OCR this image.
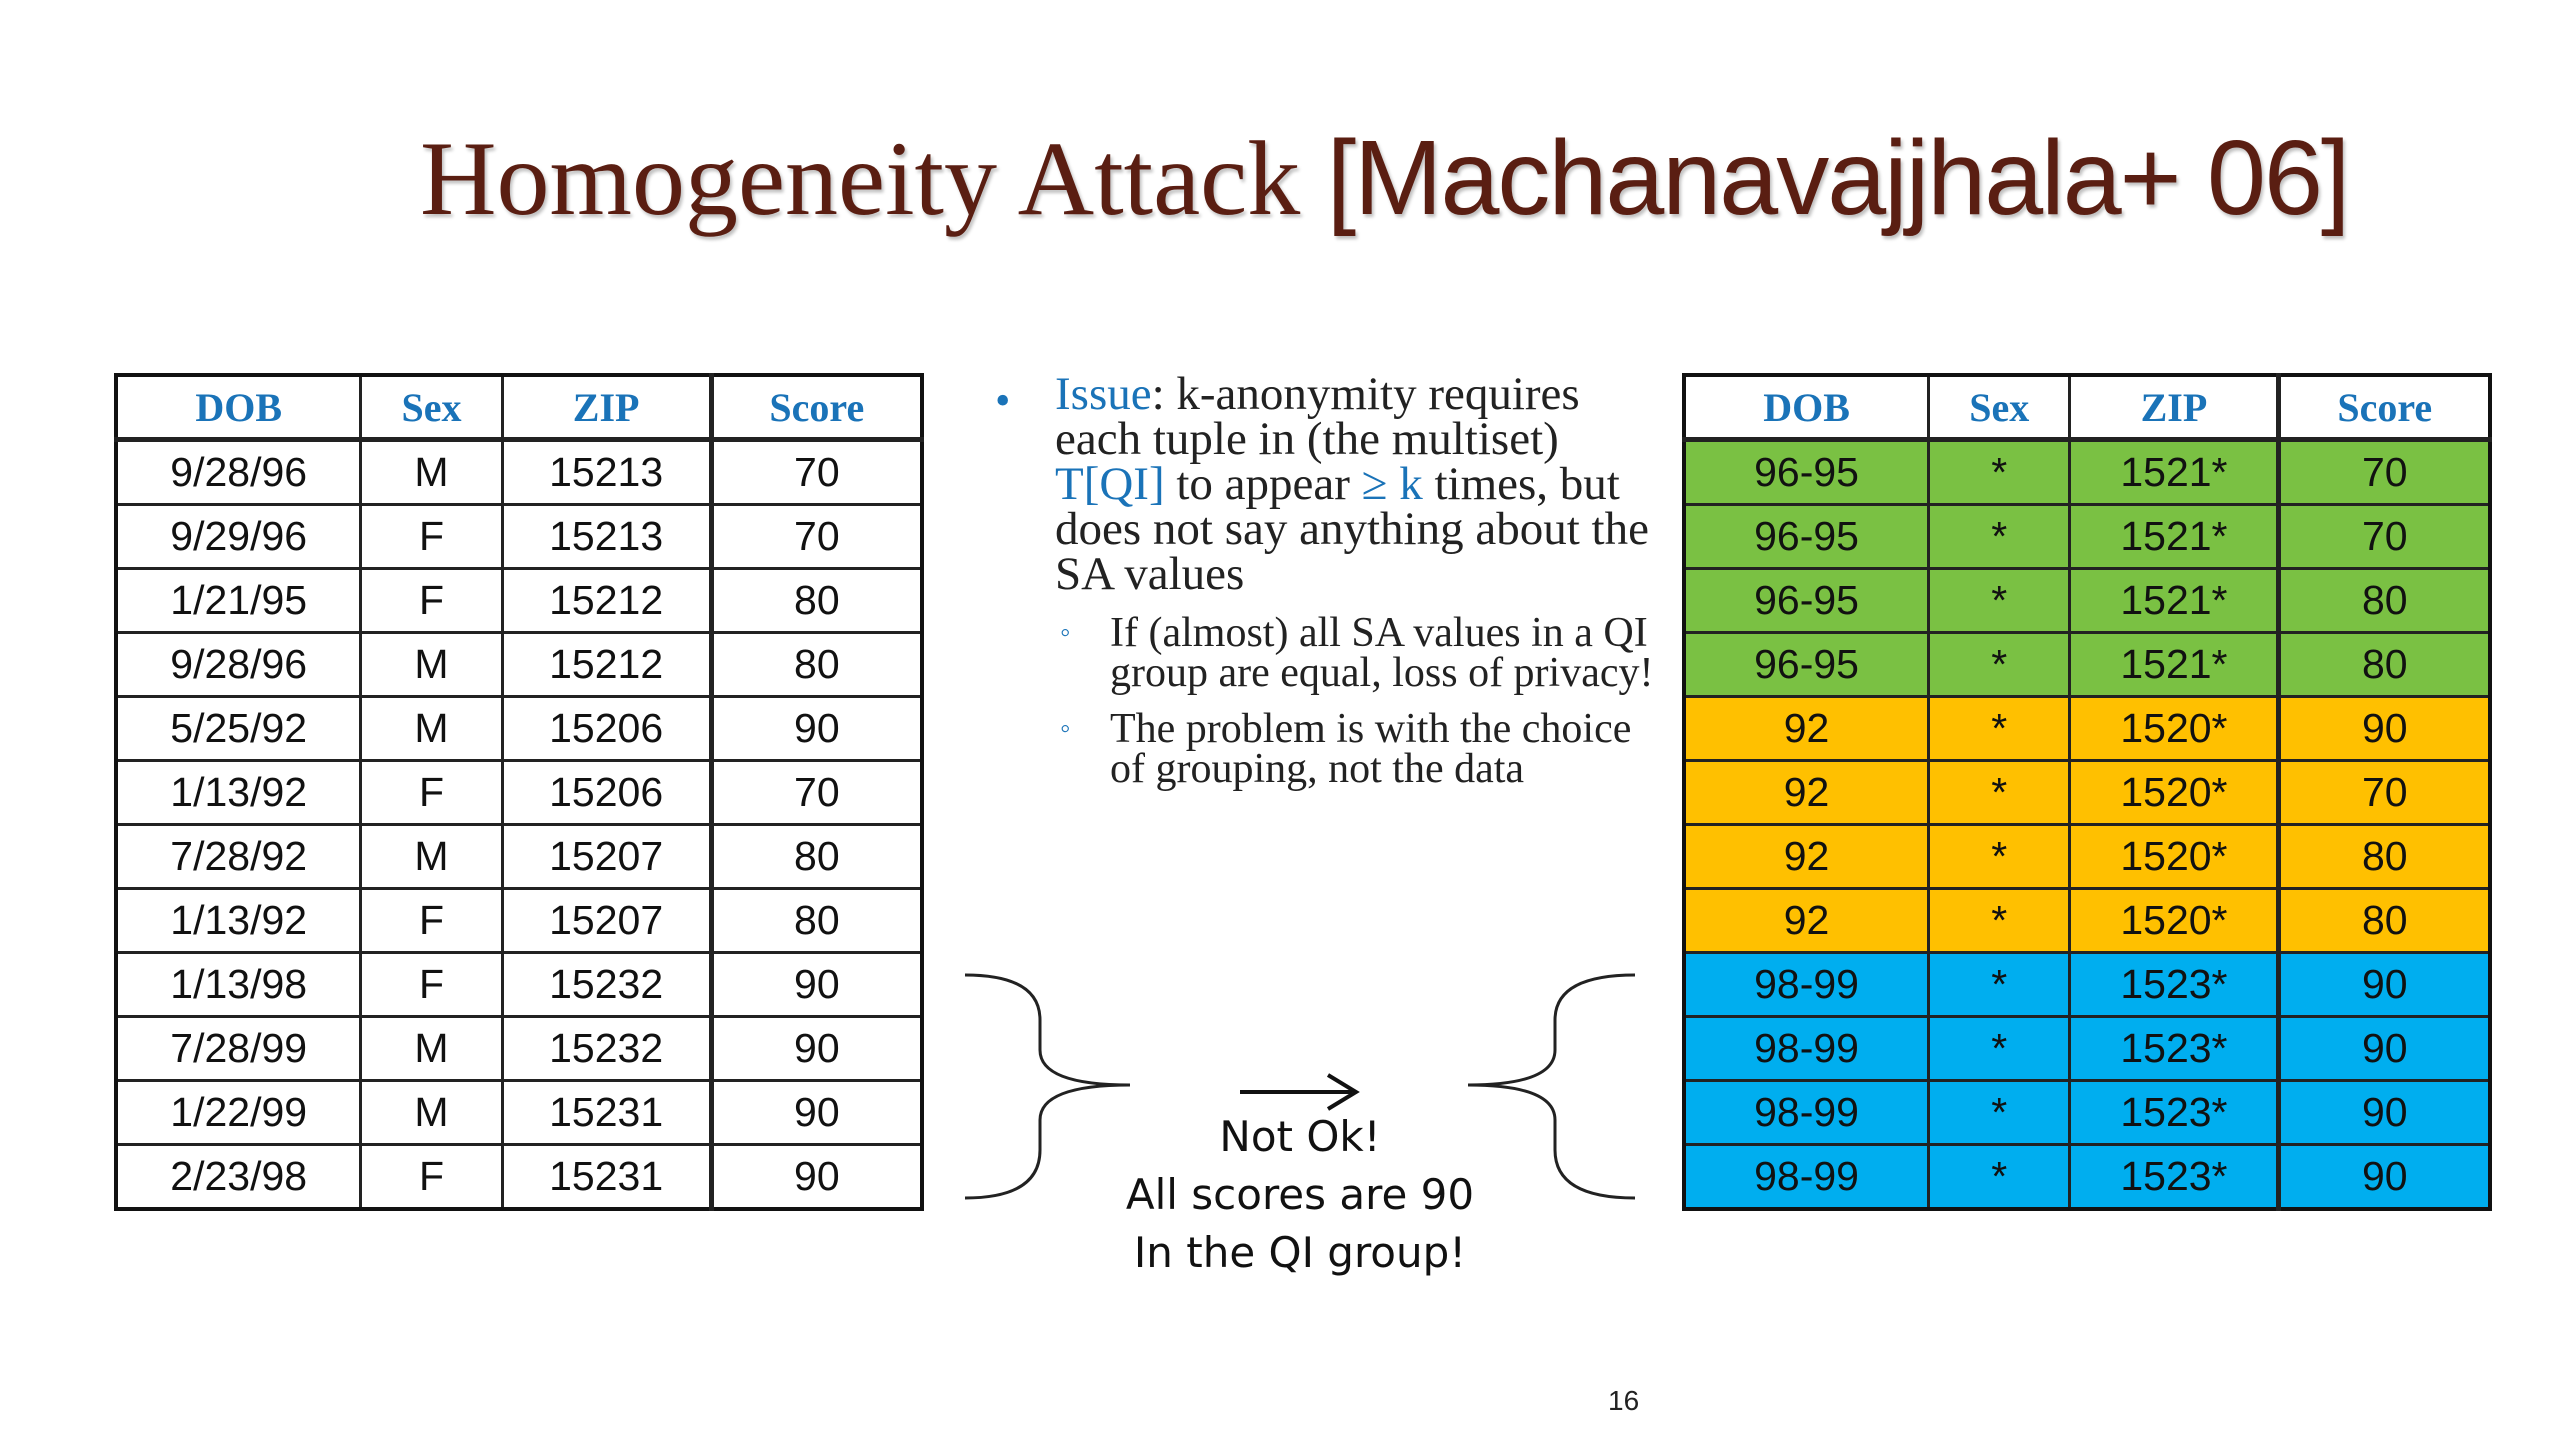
Homogeneity Attack [Machanavajjhala+ 06]
DOB	Sex	ZIP	Score
9/28/96	M	15213	70
9/29/96	F	15213	70
1/21/95	F	15212	80
9/28/96	M	15212	80
5/25/92	M	15206	90
1/13/92	F	15206	70
7/28/92	M	15207	80
1/13/92	F	15207	80
1/13/98	F	15232	90
7/28/99	M	15232	90
1/22/99	M	15231	90
2/23/98	F	15231	90
• Issue: k-anonymity requires each tuple in (the multiset) T[QI] to appear ≥ k times, but does not say anything about the SA values
◦ If (almost) all SA values in a QI group are equal, loss of privacy!
◦ The problem is with the choice of grouping, not the data
Not Ok!
All scores are 90
In the QI group!
DOB	Sex	ZIP	Score
96-95	*	1521*	70
96-95	*	1521*	70
96-95	*	1521*	80
96-95	*	1521*	80
92	*	1520*	90
92	*	1520*	70
92	*	1520*	80
92	*	1520*	80
98-99	*	1523*	90
98-99	*	1523*	90
98-99	*	1523*	90
98-99	*	1523*	90
16
